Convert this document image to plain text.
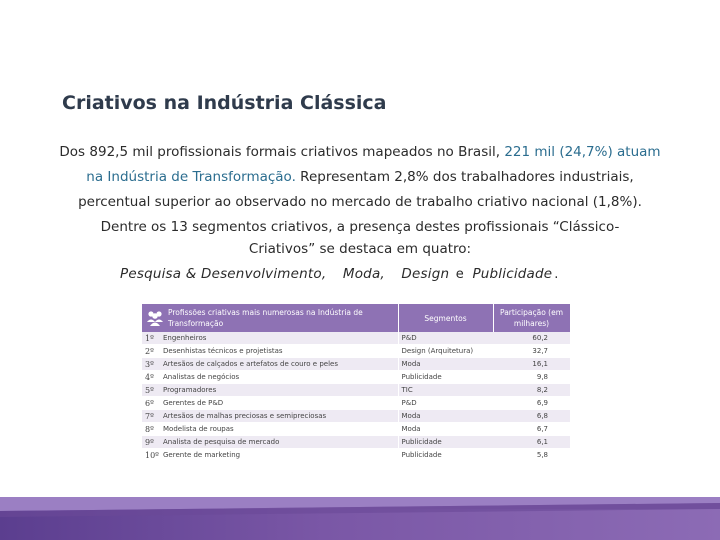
Criativos na Indústria Clássica
Dos 892,5 mil profissionais formais criativos mapeados no Brasil, 221 mil (24,7%) atuam na Indústria de Transformação. Representam 2,8% dos trabalhadores industriais, percentual superior ao observado no mercado de trabalho criativo nacional (1,8%).
Dentre os 13 segmentos criativos, a presença destes profissionais “Clássico-Criativos” se destaca em quatro:
Pesquisa & Desenvolvimento, Moda, Design e Publicidade .
Profissões criativas mais numerosas na Indústria de Transformação		Segmentos	Participação (em milhares)
1º	Engenheiros	P&D	60,2
2º	Desenhistas técnicos e projetistas	Design (Arquitetura)	32,7
3º	Artesãos de calçados e artefatos de couro e peles	Moda	16,1
4º	Analistas de negócios	Publicidade	9,8
5º	Programadores	TIC	8,2
6º	Gerentes de P&D	P&D	6,9
7º	Artesãos de malhas preciosas e semipreciosas	Moda	6,8
8º	Modelista de roupas	Moda	6,7
9º	Analista de pesquisa de mercado	Publicidade	6,1
10º	Gerente de marketing	Publicidade	5,8
